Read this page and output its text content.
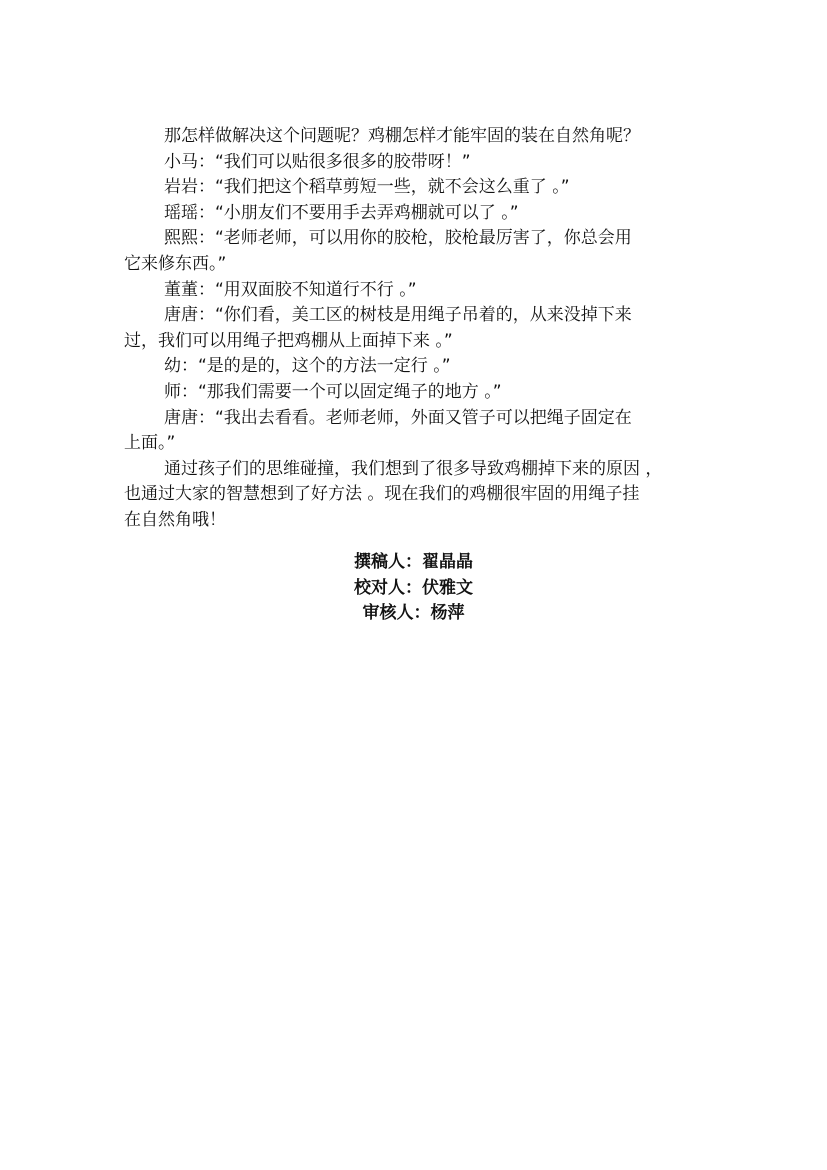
那怎样做解决这个问题呢？鸡棚怎样才能牢固的装在自然角呢？

小马：“我们可以贴很多很多的胶带呀！”

岩岩：“我们把这个稻草剪短一些，就不会这么重了 。”

瑶瑶：“小朋友们不要用手去弄鸡棚就可以了 。”

熙熙：“老师老师，可以用你的胶枪，胶枪最厉害了，你总会用
它来修东西。”

董董：“用双面胶不知道行不行 。”

唐唐：“你们看，美工区的树枝是用绳子吊着的，从来没掉下来
过，我们可以用绳子把鸡棚从上面掉下来 。”

幼：“是的是的，这个的方法一定行 。”

师：“那我们需要一个可以固定绳子的地方 。”

唐唐：“我出去看看。老师老师，外面又管子可以把绳子固定在
上面。”

通过孩子们的思维碰撞，我们想到了很多导致鸡棚掉下来的原因 ，
也通过大家的智慧想到了好方法 。现在我们的鸡棚很牢固的用绳子挂
在自然角哦！

撰稿人：翟晶晶
校对人：伏雅文
审核人：杨萍
